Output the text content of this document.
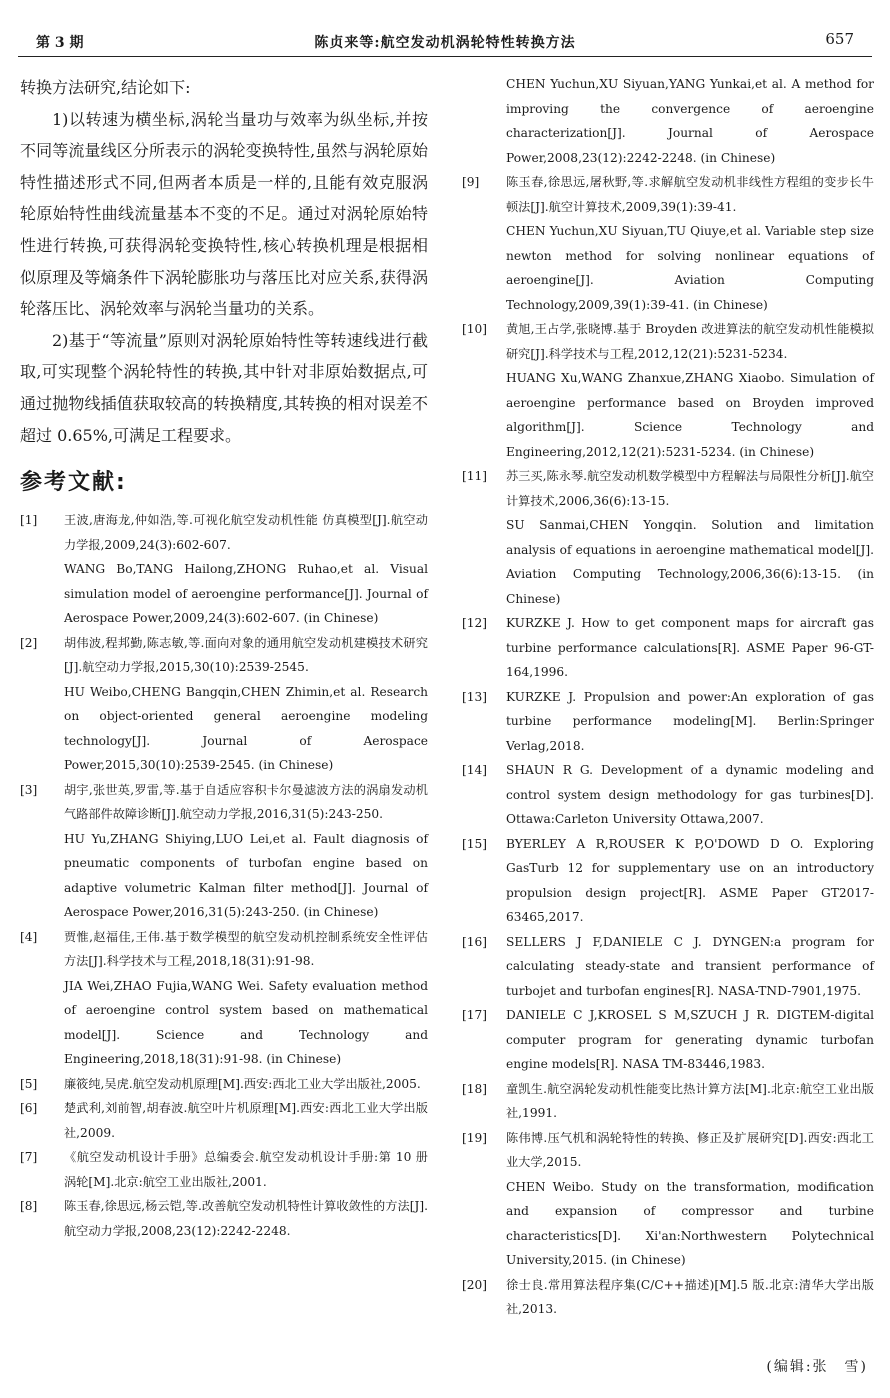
第 3 期	陈贞来等:航空发动机涡轮特性转换方法	657

转换方法研究,结论如下:

1)以转速为横坐标,涡轮当量功与效率为纵坐标,并按不同等流量线区分所表示的涡轮变换特性,虽然与涡轮原始特性描述形式不同,但两者本质是一样的,且能有效克服涡轮原始特性曲线流量基本不变的不足。通过对涡轮原始特性进行转换,可获得涡轮变换特性,核心转换机理是根据相似原理及等熵条件下涡轮膨胀功与落压比对应关系,获得涡轮落压比、涡轮效率与涡轮当量功的关系。

2)基于“等流量”原则对涡轮原始特性等转速线进行截取,可实现整个涡轮特性的转换,其中针对非原始数据点,可通过抛物线插值获取较高的转换精度,其转换的相对误差不超过 0.65%,可满足工程要求。

参考文献:
[1]	王波,唐海龙,仲如浩,等.可视化航空发动机性能 仿真模型[J].航空动力学报,2009,24(3):602-607.
WANG Bo,TANG Hailong,ZHONG Ruhao,et al. Visual simulation model of aeroengine performance[J]. Journal of Aerospace Power,2009,24(3):602-607. (in Chinese)
[2]	胡伟波,程邦勤,陈志敏,等.面向对象的通用航空发动机建模技术研究[J].航空动力学报,2015,30(10):2539-2545.
HU Weibo,CHENG Bangqin,CHEN Zhimin,et al. Research on object-oriented general aeroengine modeling technology[J]. Journal of Aerospace Power,2015,30(10):2539-2545. (in Chinese)
[3]	胡宇,张世英,罗雷,等.基于自适应容积卡尔曼滤波方法的涡扇发动机气路部件故障诊断[J].航空动力学报,2016,31(5):243-250.
HU Yu,ZHANG Shiying,LUO Lei,et al. Fault diagnosis of pneumatic components of turbofan engine based on adaptive volumetric Kalman filter method[J]. Journal of Aerospace Power,2016,31(5):243-250. (in Chinese)
[4]	贾惟,赵福佳,王伟.基于数学模型的航空发动机控制系统安全性评估方法[J].科学技术与工程,2018,18(31):91-98.
JIA Wei,ZHAO Fujia,WANG Wei. Safety evaluation method of aeroengine control system based on mathematical model[J]. Science and Technology and Engineering,2018,18(31):91-98. (in Chinese)
[5]	廉筱纯,吴虎.航空发动机原理[M].西安:西北工业大学出版社,2005.
[6]	楚武利,刘前智,胡春波.航空叶片机原理[M].西安:西北工业大学出版社,2009.
[7]	《航空发动机设计手册》总编委会.航空发动机设计手册:第 10 册 涡轮[M].北京:航空工业出版社,2001.
[8]	陈玉春,徐思远,杨云铠,等.改善航空发动机特性计算收敛性的方法[J].航空动力学报,2008,23(12):2242-2248.
CHEN Yuchun,XU Siyuan,YANG Yunkai,et al. A method for improving the convergence of aeroengine characterization[J]. Journal of Aerospace Power,2008,23(12):2242-2248. (in Chinese)
[9]	陈玉春,徐思远,屠秋野,等.求解航空发动机非线性方程组的变步长牛顿法[J].航空计算技术,2009,39(1):39-41.
CHEN Yuchun,XU Siyuan,TU Qiuye,et al. Variable step size newton method for solving nonlinear equations of aeroengine[J]. Aviation Computing Technology,2009,39(1):39-41. (in Chinese)
[10]	黄旭,王占学,张晓博.基于 Broyden 改进算法的航空发动机性能模拟研究[J].科学技术与工程,2012,12(21):5231-5234.
HUANG Xu,WANG Zhanxue,ZHANG Xiaobo. Simulation of aeroengine performance based on Broyden improved algorithm[J]. Science Technology and Engineering,2012,12(21):5231-5234. (in Chinese)
[11]	苏三买,陈永琴.航空发动机数学模型中方程解法与局限性分析[J].航空计算技术,2006,36(6):13-15.
SU Sanmai,CHEN Yongqin. Solution and limitation analysis of equations in aeroengine mathematical model[J]. Aviation Computing Technology,2006,36(6):13-15. (in Chinese)
[12]	KURZKE J. How to get component maps for aircraft gas turbine performance calculations[R]. ASME Paper 96-GT-164,1996.
[13]	KURZKE J. Propulsion and power:An exploration of gas turbine performance modeling[M]. Berlin:Springer Verlag,2018.
[14]	SHAUN R G. Development of a dynamic modeling and control system design methodology for gas turbines[D]. Ottawa:Carleton University Ottawa,2007.
[15]	BYERLEY A R,ROUSER K P,O'DOWD D O. Exploring GasTurb 12 for supplementary use on an introductory propulsion design project[R]. ASME Paper GT2017-63465,2017.
[16]	SELLERS J F,DANIELE C J. DYNGEN:a program for calculating steady-state and transient performance of turbojet and turbofan engines[R]. NASA-TND-7901,1975.
[17]	DANIELE C J,KROSEL S M,SZUCH J R. DIGTEM-digital computer program for generating dynamic turbofan engine models[R]. NASA TM-83446,1983.
[18]	童凯生.航空涡轮发动机性能变比热计算方法[M].北京:航空工业出版社,1991.
[19]	陈伟博.压气机和涡轮特性的转换、修正及扩展研究[D].西安:西北工业大学,2015.
CHEN Weibo. Study on the transformation, modification and expansion of compressor and turbine characteristics[D]. Xi'an:Northwestern Polytechnical University,2015. (in Chinese)
[20]	徐士良.常用算法程序集(C/C++描述)[M].5 版.北京:清华大学出版社,2013.
(编辑:张　雪)
